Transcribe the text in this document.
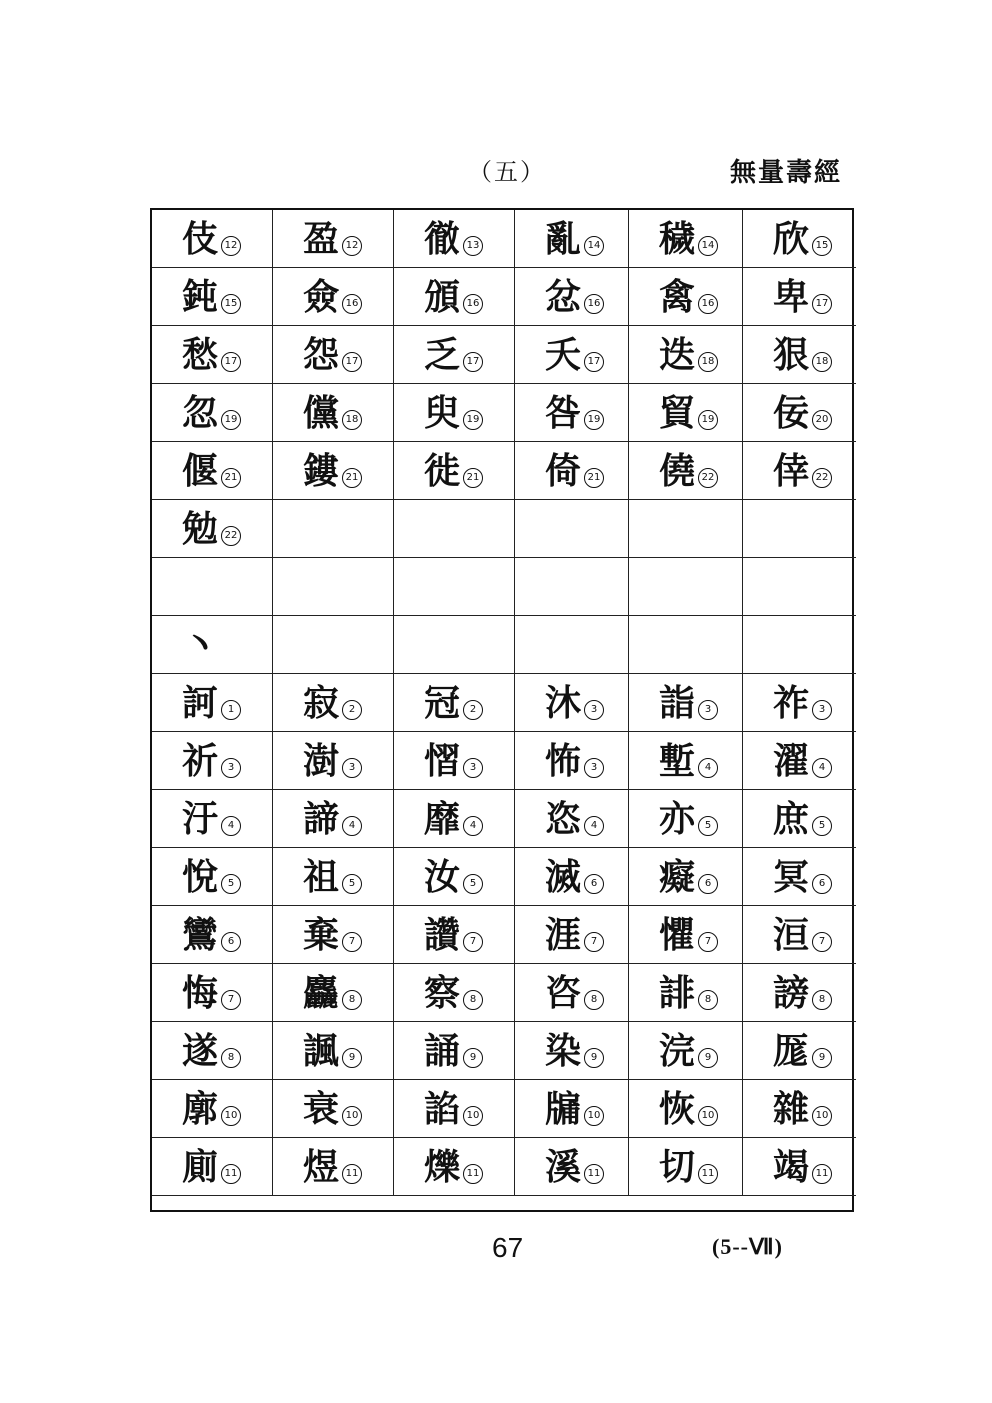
（五）	無量壽經
伎 12 盈 12 徹 13 亂 14 穢 14 欣 15
鈍 15 僉 16 頒 16 忿 16 禽 16 卑 17
愁 17 怨 17 乏 17 夭 17 迭 18 狠 18
忽 19 儻 18 臾 19 咎 19 貿 19 佞 20
偃 21 鏤 21 徙 21 倚 21 僥 22 倖 22
勉 22
丶
訶 1 寂 2 冠 2 沐 3 詣 3 祚 3
祈 3 澍 3 慴 3 怖 3 塹 4 濯 4
汙 4 諦 4 靡 4 恣 4 亦 5 庶 5
悅 5 祖 5 汝 5 滅 6 癡 6 冥 6
鸞 6 棄 7 讚 7 涯 7 懼 7 洹 7
悔 7 麤 8 察 8 咨 8 誹 8 謗 8
遂 8 諷 9 誦 9 染 9 浣 9 厖 9
廓 10 衰 10 諂 10 牖 10 恢 10 雜 10
廁 11 煜 11 爍 11 溪 11 切 11 竭 11
67	(5--Ⅶ)
